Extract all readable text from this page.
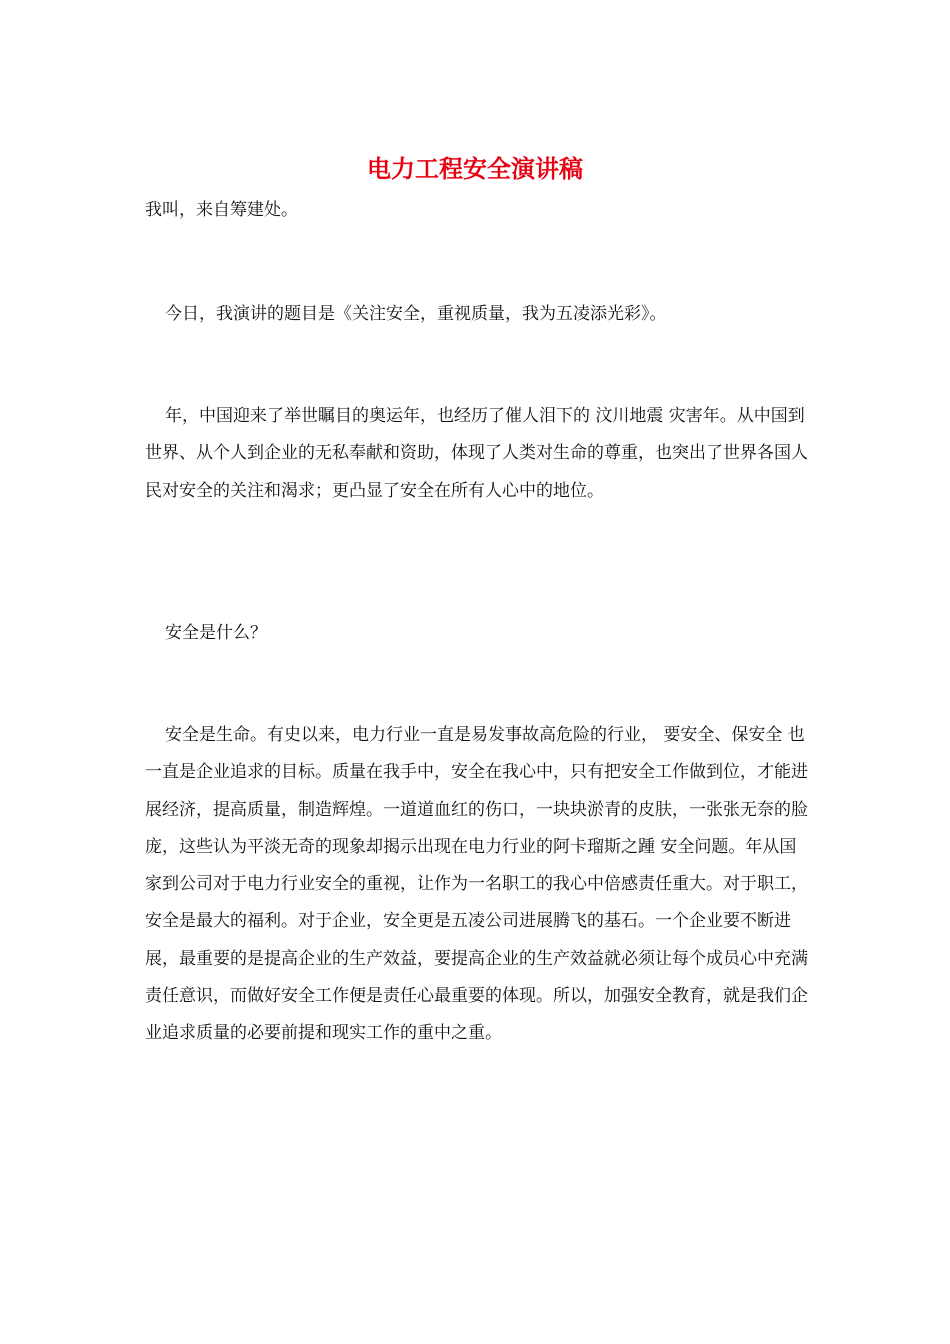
电力工程安全演讲稿

我叫，来自筹建处。

今日，我演讲的题目是《关注安全，重视质量，我为五凌添光彩》。

年，中国迎来了举世瞩目的奥运年，也经历了催人泪下的 汶川地震 灾害年。从中国到世界、从个人到企业的无私奉献和资助，体现了人类对生命的尊重，也突出了世界各国人民对安全的关注和渴求；更凸显了安全在所有人心中的地位。

安全是什么？

安全是生命。有史以来，电力行业一直是易发事故高危险的行业， 要安全、保安全 也一直是企业追求的目标。质量在我手中，安全在我心中，只有把安全工作做到位，才能进展经济，提高质量，制造辉煌。一道道血红的伤口，一块块淤青的皮肤，一张张无奈的脸庞，这些认为平淡无奇的现象却揭示出现在电力行业的阿卡瑠斯之踵 安全问题。年从国家到公司对于电力行业安全的重视，让作为一名职工的我心中倍感责任重大。对于职工，安全是最大的福利。对于企业，安全更是五凌公司进展腾飞的基石。一个企业要不断进展，最重要的是提高企业的生产效益，要提高企业的生产效益就必须让每个成员心中充满责任意识，而做好安全工作便是责任心最重要的体现。所以，加强安全教育，就是我们企业追求质量的必要前提和现实工作的重中之重。
